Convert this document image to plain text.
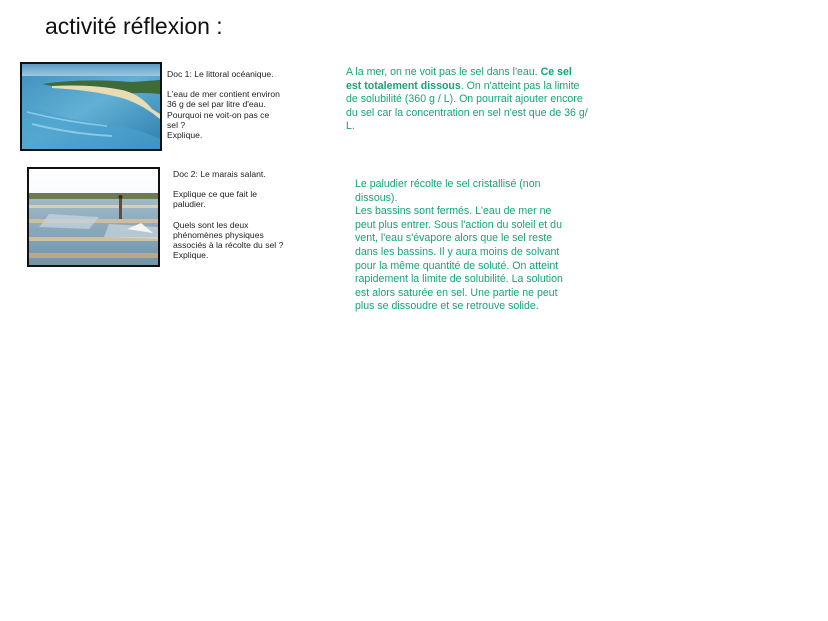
activité réflexion :

Doc 1: Le littoral océanique.

L'eau de mer contient environ

36 g de sel par litre d'eau.

Pourquoi ne voit-on pas ce

sel ?

Explique.

Doc 2: Le marais salant.

Explique ce que fait le

paludier.

Quels sont les deux

phénomènes physiques

associés à la récolte du sel ?

Explique.

A la mer, on ne voit pas le sel dans l'eau. Ce sel est totalement dissous. On n'atteint pas la limite de solubilité (360 g / L). On pourrait ajouter encore du sel car la concentration en sel n'est que de 36 g/ L.

Le paludier récolte le sel cristallisé (non dissous).

Les bassins sont fermés. L'eau de mer ne peut plus entrer. Sous l'action du soleil et du vent, l'eau s'évapore alors que le sel reste dans les bassins. Il y aura moins de solvant pour la même quantité de soluté. On atteint rapidement la limite de solubilité. La solution est alors saturée en sel. Une partie ne peut plus se dissoudre et se retrouve solide.
